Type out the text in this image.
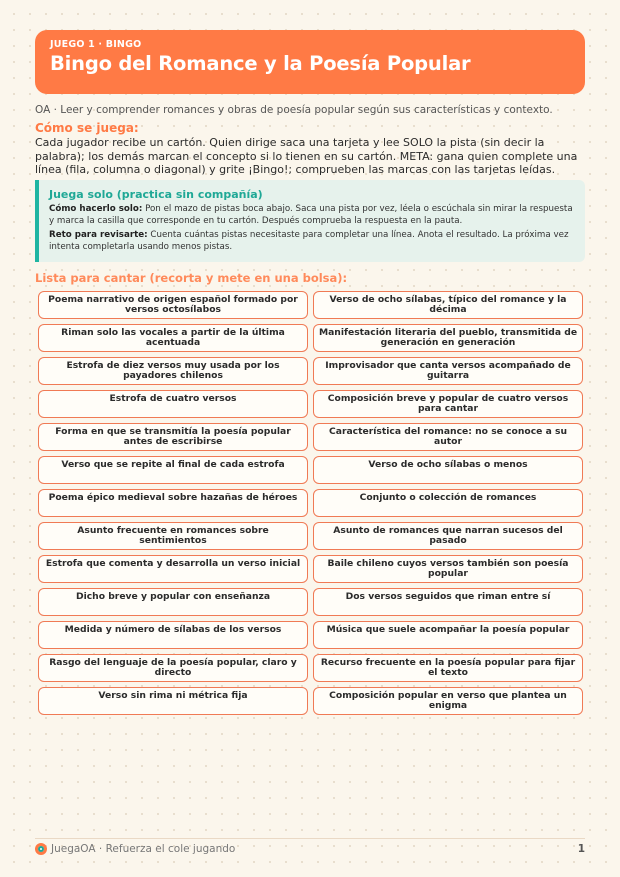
JUEGO 1 · BINGO
Bingo del Romance y la Poesía Popular
OA · Leer y comprender romances y obras de poesía popular según sus características y contexto.
Cómo se juega:
Cada jugador recibe un cartón. Quien dirige saca una tarjeta y lee SOLO la pista (sin decir la palabra); los demás marcan el concepto si lo tienen en su cartón. META: gana quien complete una línea (fila, columna o diagonal) y grite ¡Bingo!; comprueben las marcas con las tarjetas leídas.
Juega solo (practica sin compañía)

Cómo hacerlo solo: Pon el mazo de pistas boca abajo. Saca una pista por vez, léela o escúchala sin mirar la respuesta y marca la casilla que corresponde en tu cartón. Después comprueba la respuesta en la pauta.

Reto para revisarte: Cuenta cuántas pistas necesitaste para completar una línea. Anota el resultado. La próxima vez intenta completarla usando menos pistas.

Lista para cantar (recorta y mete en una bolsa):
Poema narrativo de origen español formado por versos octosílabos
Verso de ocho sílabas, típico del romance y la décima
Riman solo las vocales a partir de la última acentuada
Manifestación literaria del pueblo, transmitida de generación en generación
Estrofa de diez versos muy usada por los payadores chilenos
Improvisador que canta versos acompañado de guitarra
Estrofa de cuatro versos	Composición breve y popular de cuatro versos para cantar
Forma en que se transmitía la poesía popular antes de escribirse
Característica del romance: no se conoce a su autor
Verso que se repite al final de cada estrofa	Verso de ocho sílabas o menos
Poema épico medieval sobre hazañas de héroes	Conjunto o colección de romances
Asunto frecuente en romances sobre sentimientos
Asunto de romances que narran sucesos del pasado
Estrofa que comenta y desarrolla un verso inicial	Baile chileno cuyos versos también son poesía popular
Dicho breve y popular con enseñanza	Dos versos seguidos que riman entre sí
Medida y número de sílabas de los versos	Música que suele acompañar la poesía popular
Rasgo del lenguaje de la poesía popular, claro y directo
Recurso frecuente en la poesía popular para fijar el texto
Verso sin rima ni métrica fija	Composición popular en verso que plantea un enigma
JuegaOA · Refuerza el cole jugando	1
